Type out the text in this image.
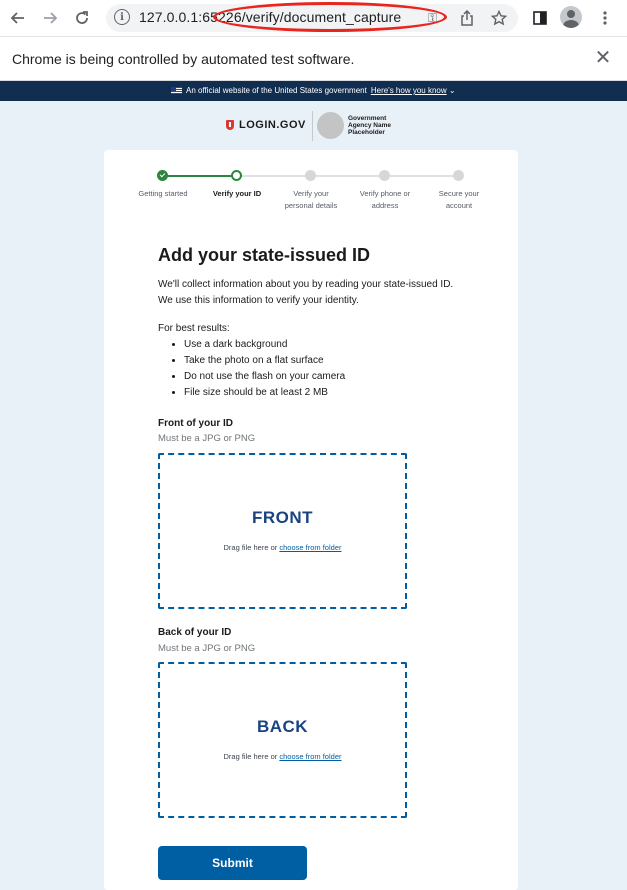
i	127.0.0.1:65226/verify/document_capture ⚿
Chrome is being controlled by automated test software.	✕
An official website of the United States government Here's how you know ⌄
LOGIN.GOV
Government
Agency Name
Placeholder
Getting started	Verify your ID	Verify your
personal details
Verify phone or
address
Secure your
account
Add your state-issued ID
We'll collect information about you by reading your state-issued ID. We use this information to verify your identity.
For best results:
• Use a dark background
• Take the photo on a flat surface
• Do not use the flash on your camera
• File size should be at least 2 MB
Front of your ID
Must be a JPG or PNG
FRONT
Drag file here or choose from folder
Back of your ID
Must be a JPG or PNG
BACK
Drag file here or choose from folder
Submit
